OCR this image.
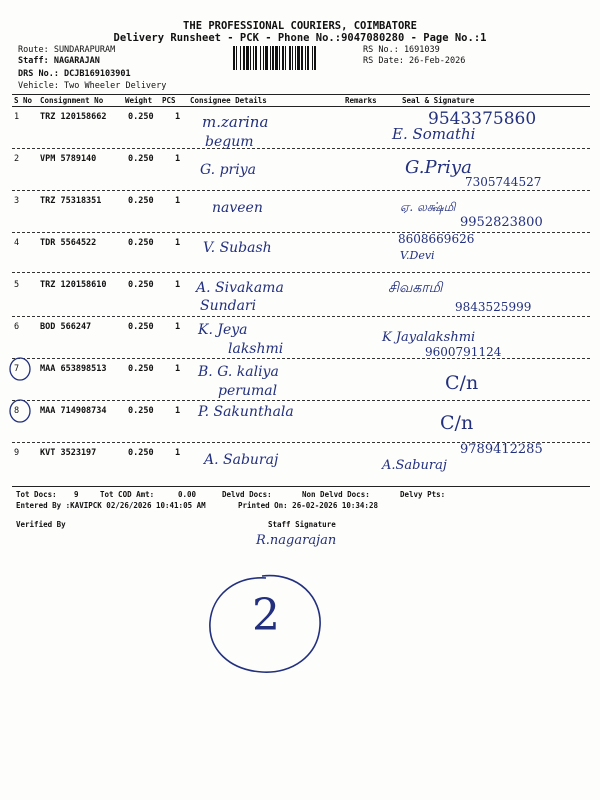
THE PROFESSIONAL COURIERS, COIMBATORE
Delivery Runsheet - PCK - Phone No.:9047080280 - Page No.:1
Route: SUNDARAPURAM
Staff: NAGARAJAN
DRS No.: DCJB169103901
Vehicle: Two Wheeler Delivery
RS No.: 1691039
RS Date: 26-Feb-2026
S No Consignment No	Weight PCS Consignee Details	Remarks	Seal & Signature
1 TRZ 120158662	0.250	1 m.zarina
begum
9543375860
E. Somathi
2 VPM 5789140	0.250	1
G. priya	G.Priya
7305744527
3 TRZ 75318351	0.250	1 naveen	ஏ. லக்ஷ்மி
9952823800
4 TDR 5564522	0.250	1 V. Subash
8608669626
V.Devi
5 TRZ 120158610	0.250	1 A. Sivakama
Sundari
சிவகாமி
9843525999
6 BOD 566247	0.250	1 K. Jeya
lakshmi
K Jayalakshmi
9600791124
7 MAA 653898513	0.250	1 B. G. kaliya
perumal	C/n
8 MAA 714908734	0.250	1 P. Sakunthala	C/n
9 KVT 3523197	0.250	1 A. Saburaj
9789412285
A.Saburaj
Tot Docs: 9	Tot COD Amt:	0.00	Delvd Docs:	Non Delvd Docs:	Delvy Pts:
Entered By :KAVIPCK 02/26/2026 10:41:05 AM	Printed On: 26-02-2026 10:34:28
Verified By	Staff Signature
R.nagarajan
2
